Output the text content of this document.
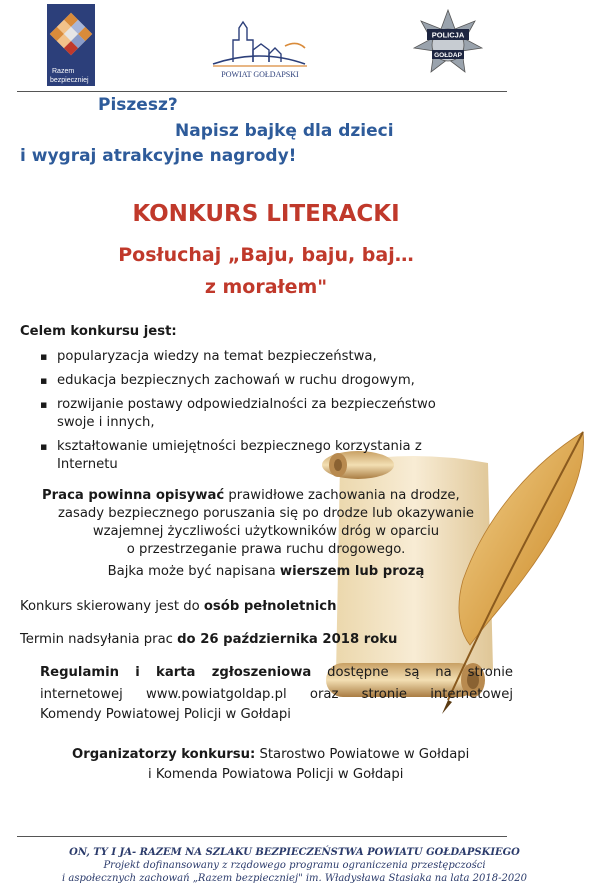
Razem
bezpieczniej
POWIAT GOŁDAPSKI
POLICJA
GOŁDAP
Piszesz?
Napisz bajkę dla dzieci
i wygraj atrakcyjne nagrody!
KONKURS LITERACKI
Posłuchaj „Baju, baju, baj…
z morałem"
Celem konkursu jest:
▪ popularyzacja wiedzy na temat bezpieczeństwa,
▪ edukacja bezpiecznych zachowań w ruchu drogowym,
▪ rozwijanie postawy odpowiedzialności za bezpieczeństwo swoje i innych,
▪ kształtowanie umiejętności bezpiecznego korzystania z Internetu
Praca powinna opisywać prawidłowe zachowania na drodze,
zasady bezpiecznego poruszania się po drodze lub okazywanie
wzajemnej życzliwości użytkowników dróg w oparciu
o przestrzeganie prawa ruchu drogowego.
Bajka może być napisana wierszem lub prozą
Konkurs skierowany jest do osób pełnoletnich
Termin nadsyłania prac do 26 października 2018 roku
Regulamin i karta zgłoszeniowa dostępne są na stronie
internetowej www.powiatgoldap.pl oraz stronie internetowej
Komendy Powiatowej Policji w Gołdapi
Organizatorzy konkursu: Starostwo Powiatowe w Gołdapi
i Komenda Powiatowa Policji w Gołdapi
ON, TY I JA- RAZEM NA SZLAKU BEZPIECZEŃSTWA POWIATU GOŁDAPSKIEGO
Projekt dofinansowany z rządowego programu ograniczenia przestępczości
i aspołecznych zachowań „Razem bezpieczniej" im. Władysława Stasiaka na lata 2018-2020
